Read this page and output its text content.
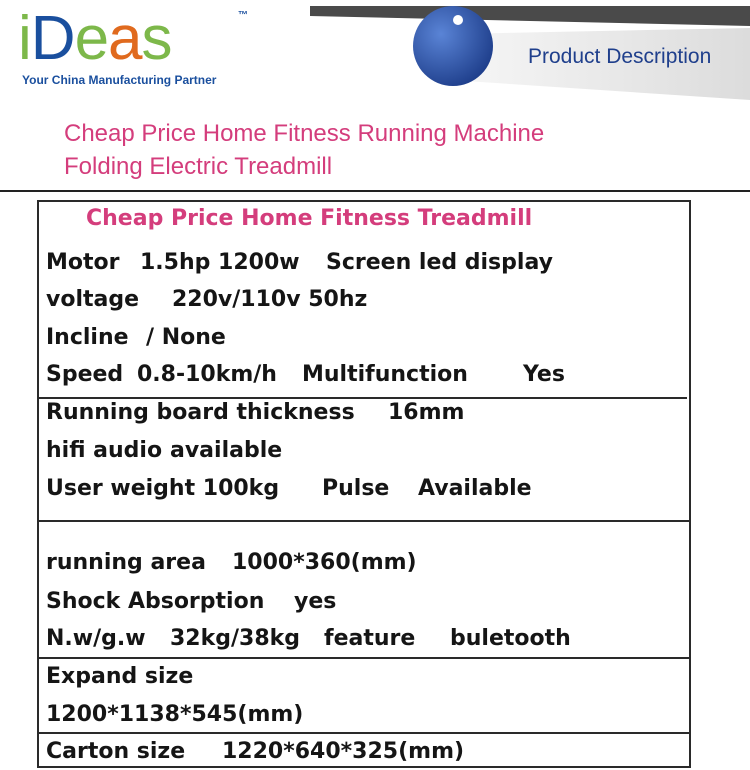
iDeas	™
Your China Manufacturing Partner
Product Description
Cheap Price Home Fitness Running Machine
Folding Electric Treadmill
Cheap Price Home Fitness Treadmill
Motor 1.5hp 1200w Screen led display
voltage 220v/110v 50hz
Incline / None
Speed 0.8-10km/h Multifunction	Yes
Running board thickness 16mm
hifi audio available
User weight 100kg Pulse Available
running area 1000*360(mm)
Shock Absorption yes
N.w/g.w 32kg/38kg feature buletooth
Expand size
1200*1138*545(mm)
Carton size 1220*640*325(mm)
